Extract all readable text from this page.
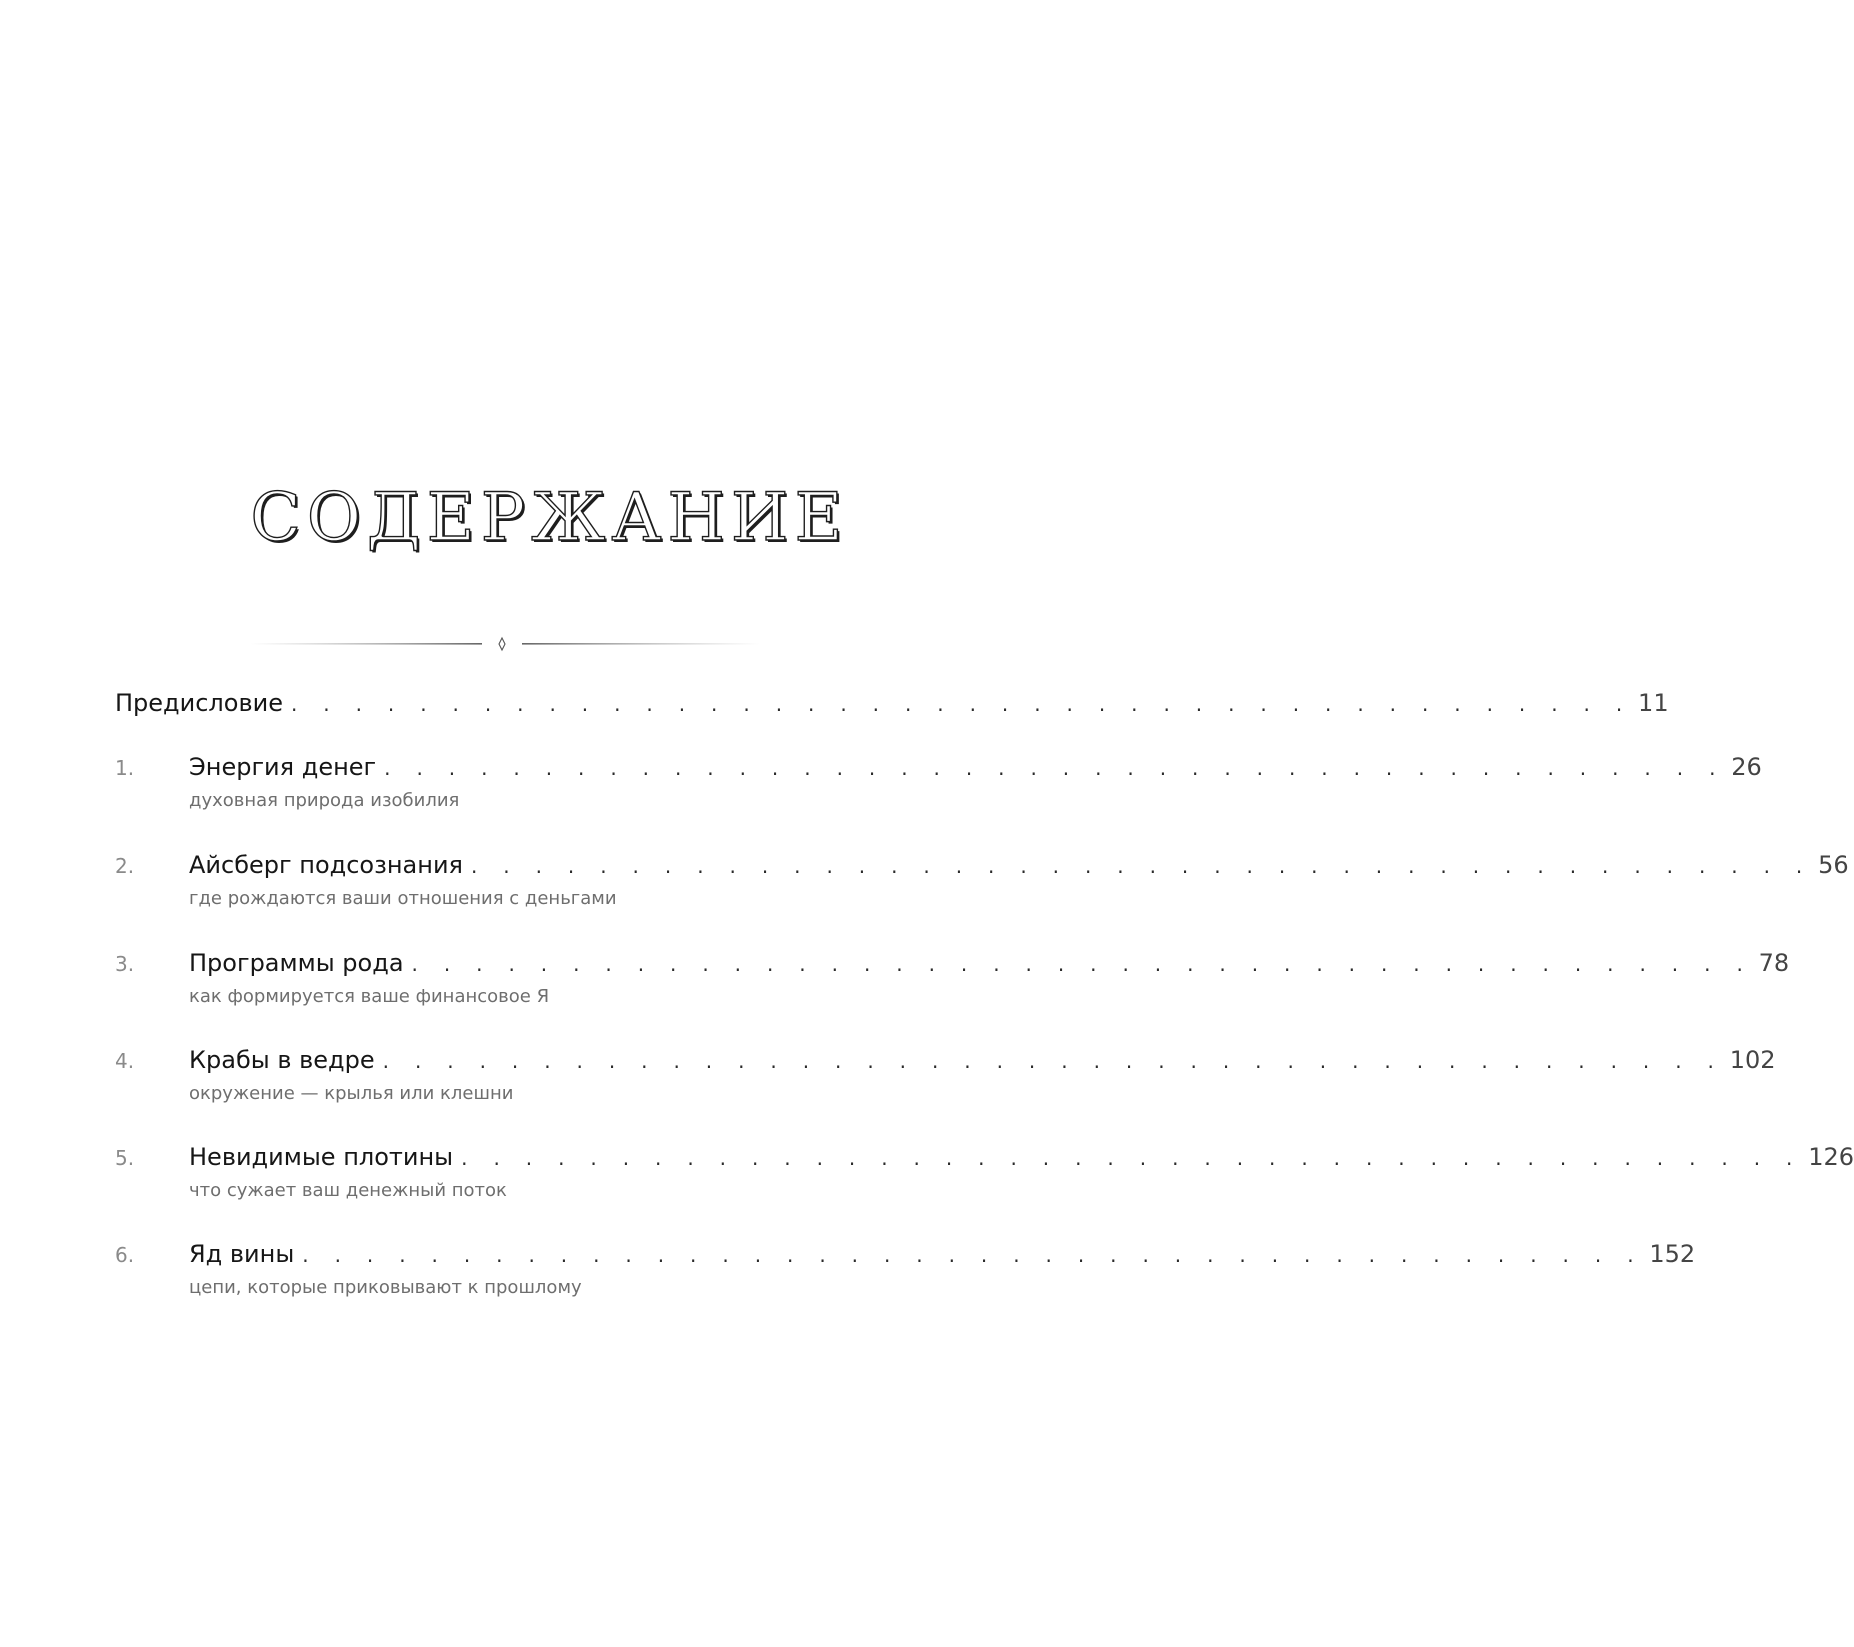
СОДЕРЖАНИЕ
Предисловие . . . . . . . . . . . . . . . . . . . . . . . . . . . . . . . . . . . . . . . . . . 11
1.	Энергия денег . . . . . . . . . . . . . . . . . . . . . . . . . . . . . . . . . . . . . . . . . . 26
духовная природа изобилия
2.	Айсберг подсознания . . . . . . . . . . . . . . . . . . . . . . . . . . . . . . . . . . . . . . . . . . 56
где рождаются ваши отношения с деньгами
3.	Программы рода . . . . . . . . . . . . . . . . . . . . . . . . . . . . . . . . . . . . . . . . . . 78
как формируется ваше финансовое Я
4.	Крабы в ведре . . . . . . . . . . . . . . . . . . . . . . . . . . . . . . . . . . . . . . . . . . 102
окружение — крылья или клешни
5.	Невидимые плотины . . . . . . . . . . . . . . . . . . . . . . . . . . . . . . . . . . . . . . . . . . 126
что сужает ваш денежный поток
6.	Яд вины . . . . . . . . . . . . . . . . . . . . . . . . . . . . . . . . . . . . . . . . . . 152
цепи, которые приковывают к прошлому
